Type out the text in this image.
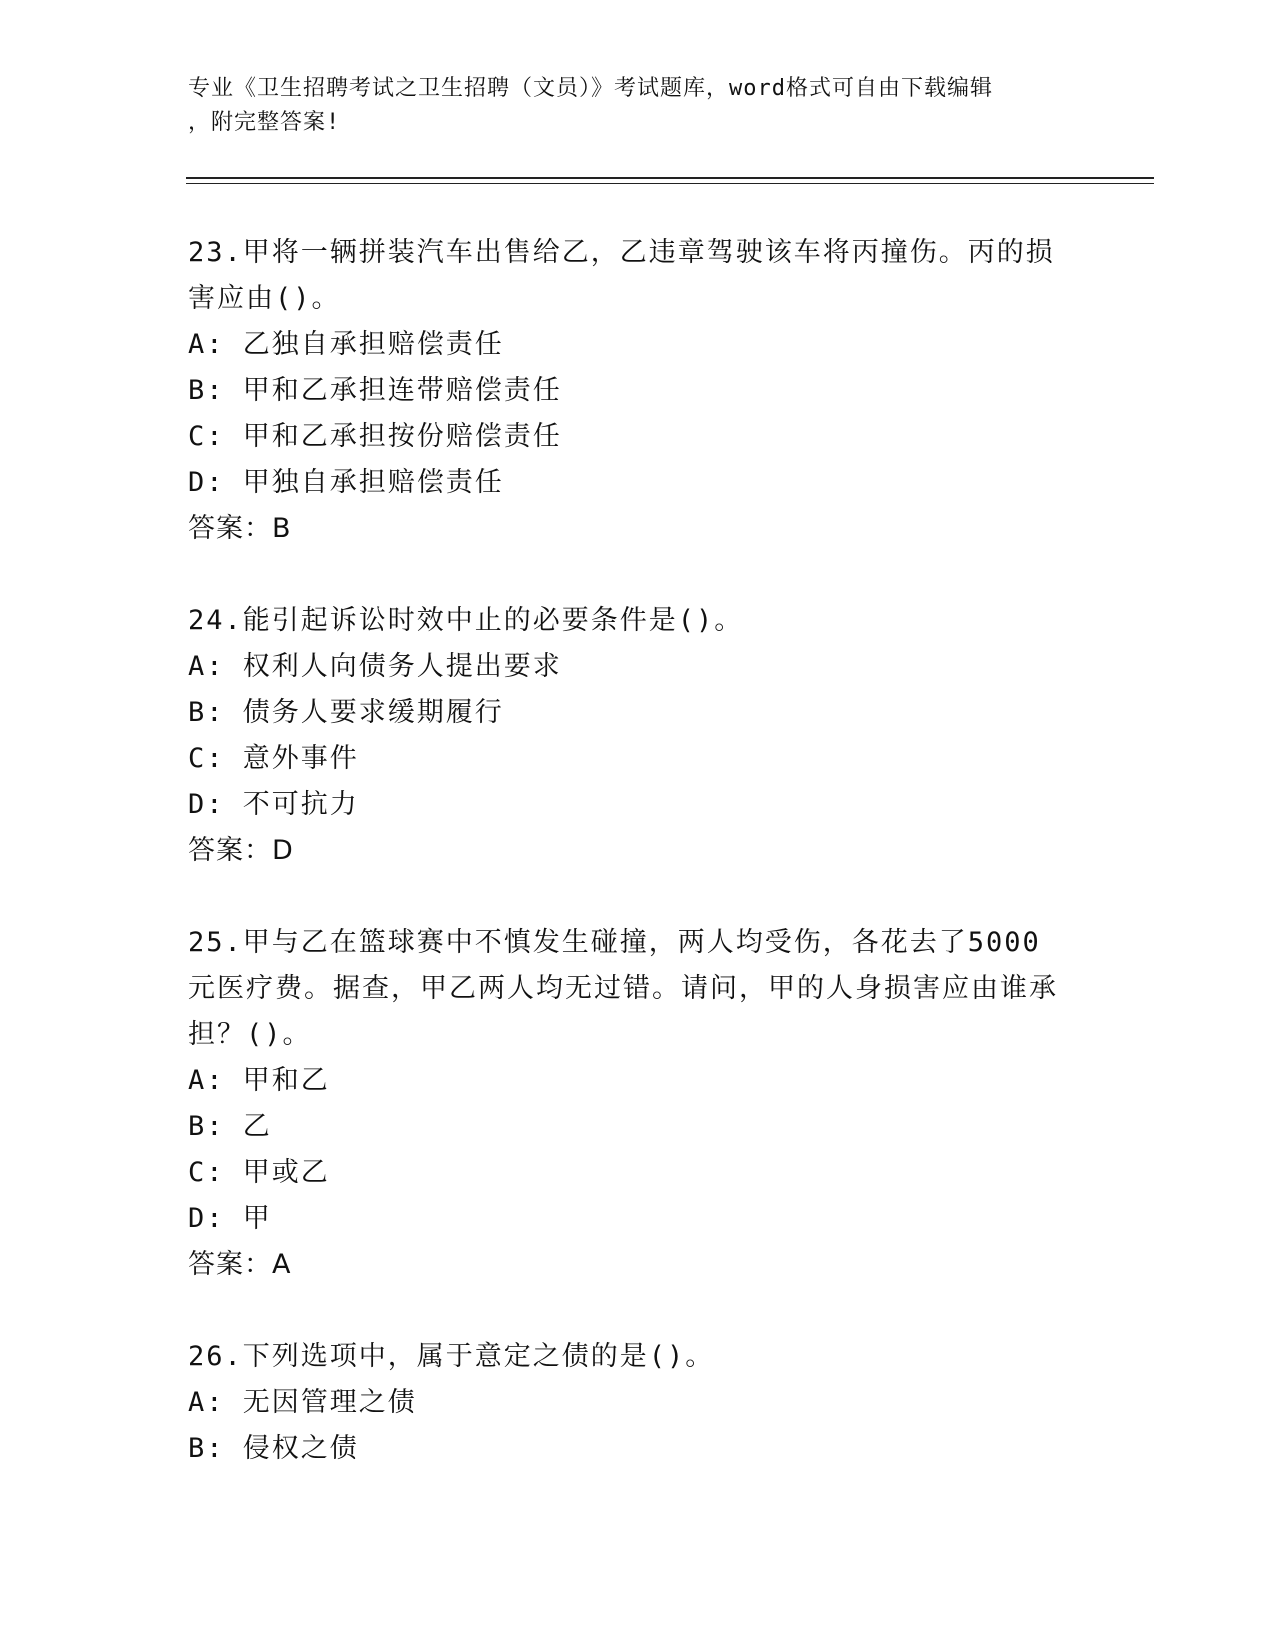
专业《卫生招聘考试之卫生招聘（文员）》考试题库，word格式可自由下载编辑
，附完整答案!
23.甲将一辆拼装汽车出售给乙，乙违章驾驶该车将丙撞伤。丙的损害应由()。
A: 乙独自承担赔偿责任
B: 甲和乙承担连带赔偿责任
C: 甲和乙承担按份赔偿责任
D: 甲独自承担赔偿责任
答案：B
24.能引起诉讼时效中止的必要条件是()。
A: 权利人向债务人提出要求
B: 债务人要求缓期履行
C: 意外事件
D: 不可抗力
答案：D
25.甲与乙在篮球赛中不慎发生碰撞，两人均受伤，各花去了5000元医疗费。据查，甲乙两人均无过错。请问，甲的人身损害应由谁承担？()。
A: 甲和乙
B: 乙
C: 甲或乙
D: 甲
答案：A
26.下列选项中，属于意定之债的是()。
A: 无因管理之债
B: 侵权之债
